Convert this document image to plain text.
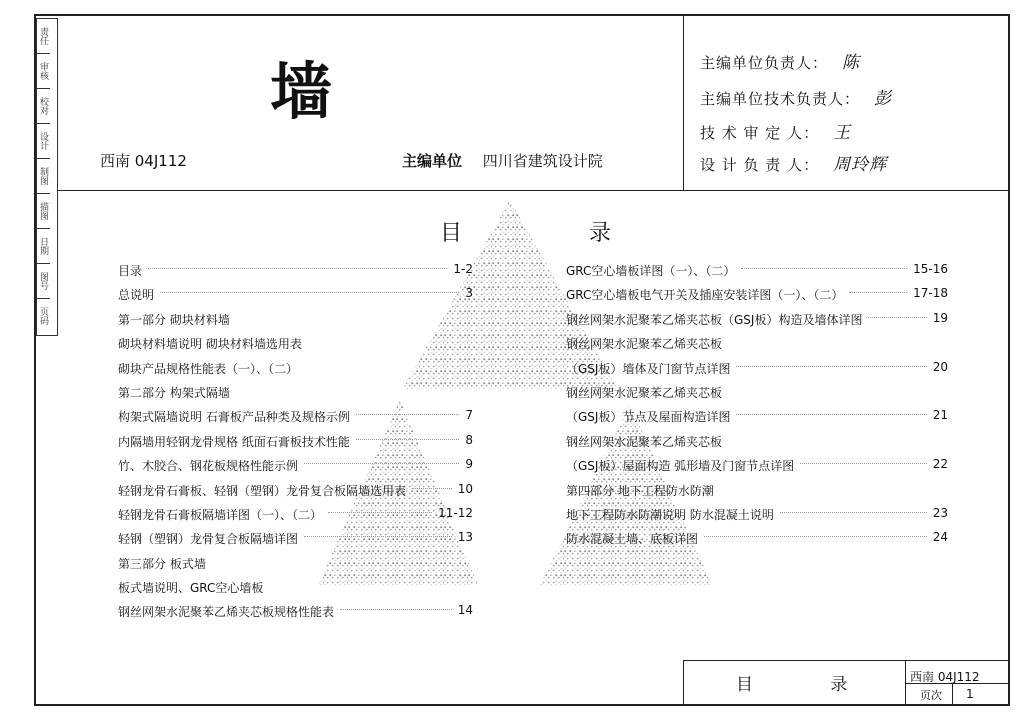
责任
审核
校对
设计
制图
描图
日期
图号
页码
墙
西南 04J112	主编单位 四川省建筑设计院
主编单位负责人： 陈
主编单位技术负责人： 彭
技 术 审 定 人： 王
设 计 负 责 人： 周玲辉
目 录
目录	1-2
总说明	3
第一部分 砌块材料墙
砌块材料墙说明 砌块材料墙选用表
砌块产品规格性能表（一）、（二）
第二部分 构架式隔墙
构架式隔墙说明 石膏板产品种类及规格示例	7
内隔墙用轻钢龙骨规格 纸面石膏板技术性能	8
竹、木胶合、钢花板规格性能示例	9
轻钢龙骨石膏板、轻钢（塑钢）龙骨复合板隔墙选用表	10
轻钢龙骨石膏板隔墙详图（一）、（二）	11-12
轻钢（塑钢）龙骨复合板隔墙详图	13
第三部分 板式墙
板式墙说明、GRC空心墙板
钢丝网架水泥聚苯乙烯夹芯板规格性能表	14
GRC空心墙板详图（一）、（二）	15-16
GRC空心墙板电气开关及插座安装详图（一）、（二）	17-18
钢丝网架水泥聚苯乙烯夹芯板（GSJ板）构造及墙体详图	19
钢丝网架水泥聚苯乙烯夹芯板
（GSJ板）墙体及门窗节点详图	20
钢丝网架水泥聚苯乙烯夹芯板
（GSJ板）节点及屋面构造详图	21
钢丝网架水泥聚苯乙烯夹芯板
（GSJ板）屋面构造 弧形墙及门窗节点详图	22
第四部分 地下工程防水防潮
地下工程防水防潮说明 防水混凝土说明	23
防水混凝土墙、底板详图	24
目 录 西南 04J112
页次 1
